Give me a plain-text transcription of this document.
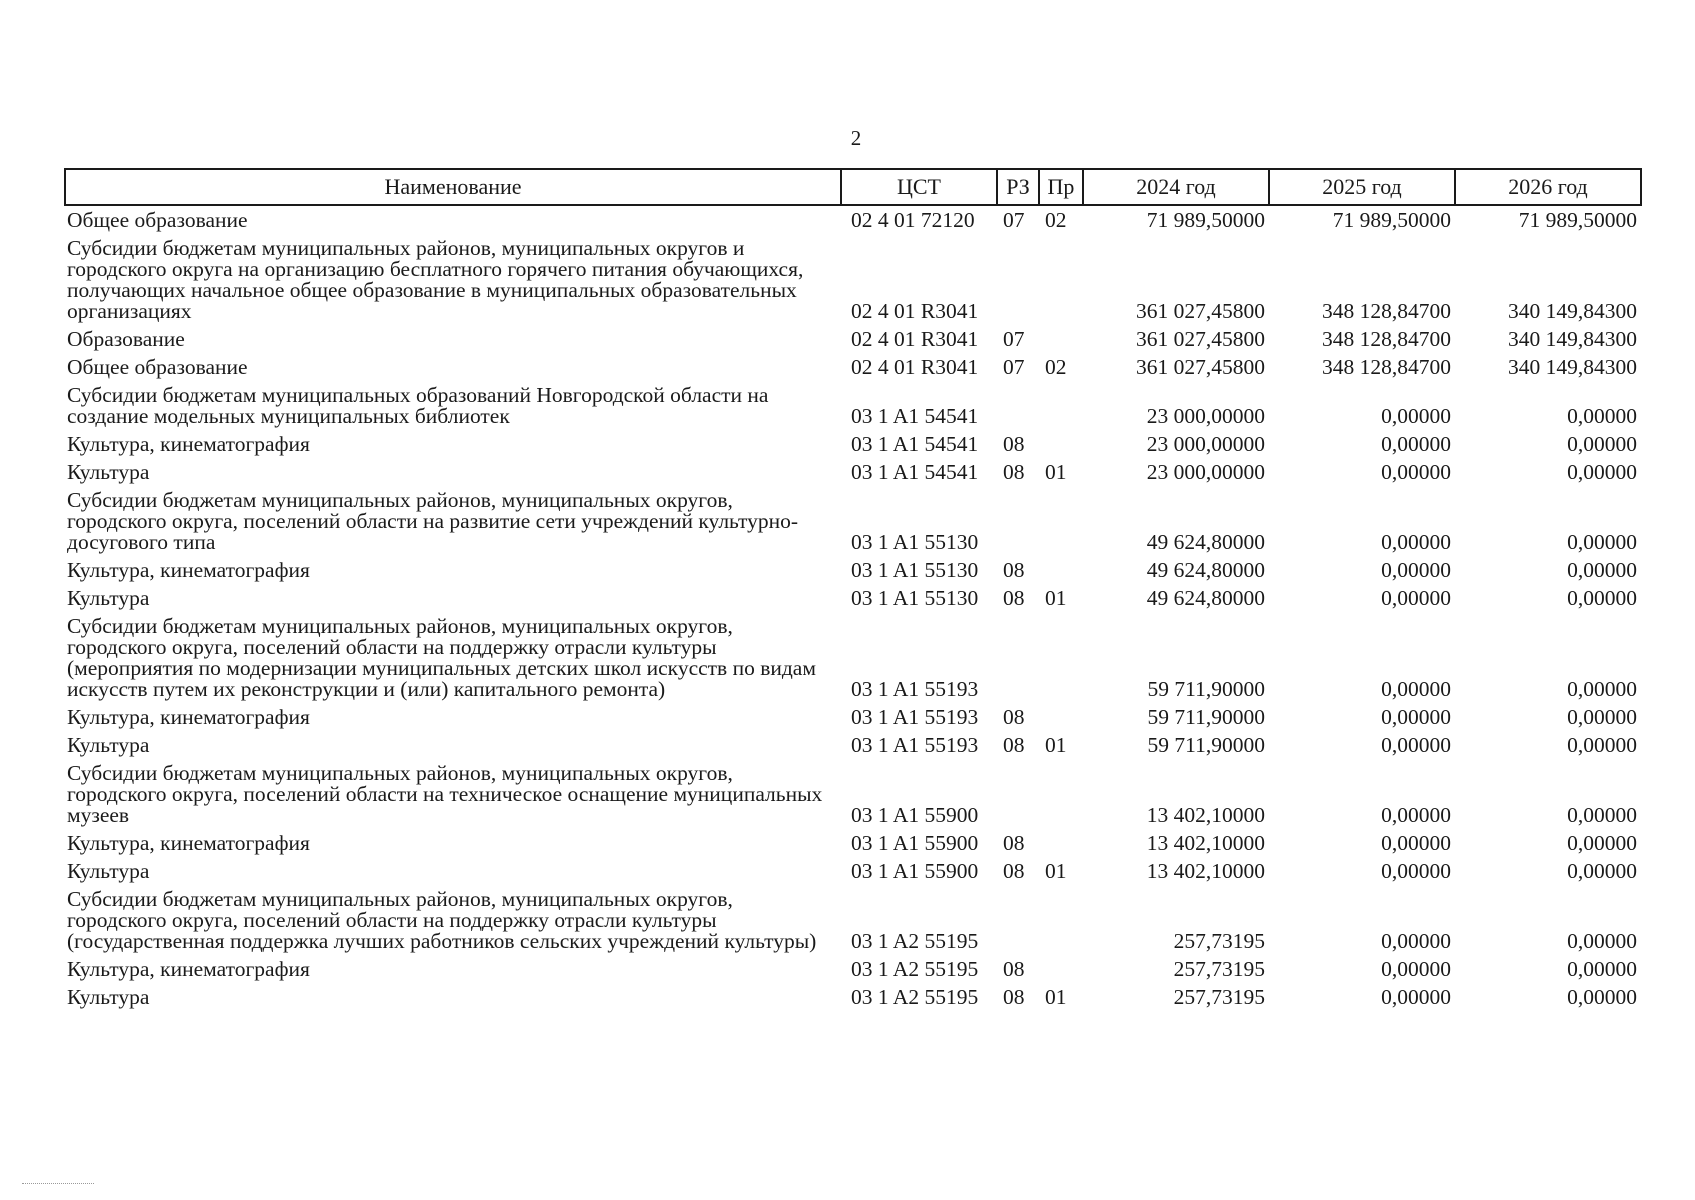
2
Наименование	ЦСТ	РЗ	Пр	2024 год	2025 год	2026 год
Общее образование	02 4 01 72120	07	02	71 989,50000	71 989,50000	71 989,50000
Субсидии бюджетам муниципальных районов, муниципальных округов и городского округа на организацию бесплатного горячего питания обучающихся, получающих начальное общее образование в муниципальных образовательных организациях	02 4 01 R3041			361 027,45800	348 128,84700	340 149,84300
Образование	02 4 01 R3041	07		361 027,45800	348 128,84700	340 149,84300
Общее образование	02 4 01 R3041	07	02	361 027,45800	348 128,84700	340 149,84300
Субсидии бюджетам муниципальных образований Новгородской области на создание модельных муниципальных библиотек	03 1 A1 54541			23 000,00000	0,00000	0,00000
Культура, кинематография	03 1 A1 54541	08		23 000,00000	0,00000	0,00000
Культура	03 1 A1 54541	08	01	23 000,00000	0,00000	0,00000
Субсидии бюджетам муниципальных районов, муниципальных округов, городского округа, поселений области на развитие сети учреждений культурно-досугового типа	03 1 A1 55130			49 624,80000	0,00000	0,00000
Культура, кинематография	03 1 A1 55130	08		49 624,80000	0,00000	0,00000
Культура	03 1 A1 55130	08	01	49 624,80000	0,00000	0,00000
Субсидии бюджетам муниципальных районов, муниципальных округов, городского округа, поселений области на поддержку отрасли культуры (мероприятия по модернизации муниципальных детских школ искусств по видам искусств путем их реконструкции и (или) капитального ремонта)	03 1 A1 55193			59 711,90000	0,00000	0,00000
Культура, кинематография	03 1 A1 55193	08		59 711,90000	0,00000	0,00000
Культура	03 1 A1 55193	08	01	59 711,90000	0,00000	0,00000
Субсидии бюджетам муниципальных районов, муниципальных округов, городского округа, поселений области на техническое оснащение муниципальных музеев	03 1 A1 55900			13 402,10000	0,00000	0,00000
Культура, кинематография	03 1 A1 55900	08		13 402,10000	0,00000	0,00000
Культура	03 1 A1 55900	08	01	13 402,10000	0,00000	0,00000
Субсидии бюджетам муниципальных районов, муниципальных округов, городского округа, поселений области на поддержку отрасли культуры (государственная поддержка лучших работников сельских учреждений культуры)	03 1 A2 55195			257,73195	0,00000	0,00000
Культура, кинематография	03 1 A2 55195	08		257,73195	0,00000	0,00000
Культура	03 1 A2 55195	08	01	257,73195	0,00000	0,00000
